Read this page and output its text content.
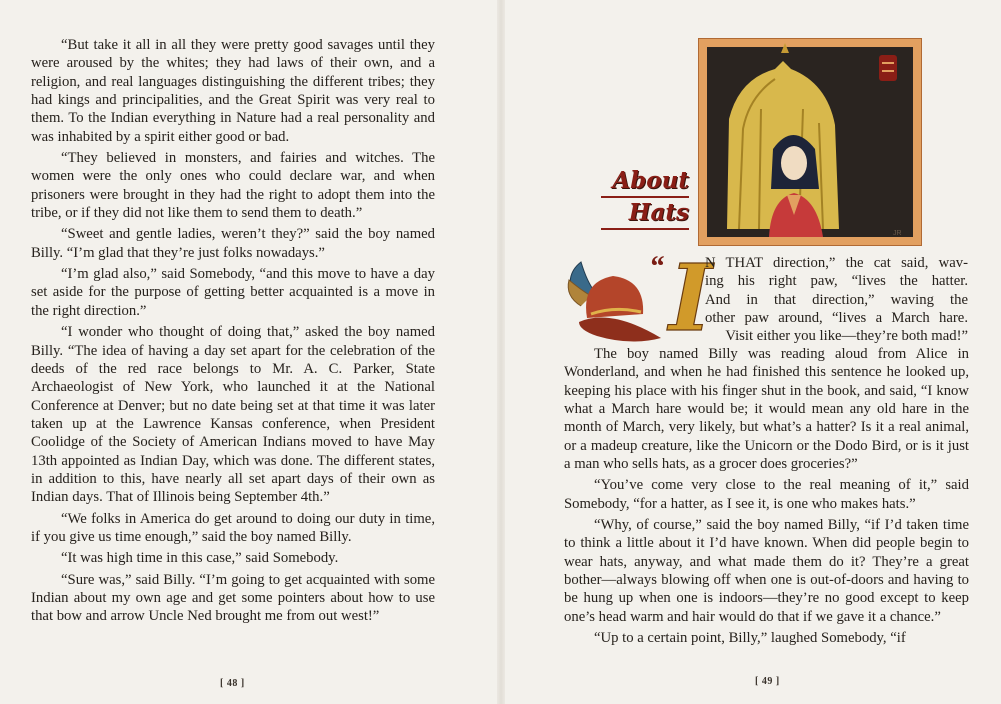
“But take it all in all they were pretty good savages until they were aroused by the whites; they had laws of their own, and a religion, and real languages distinguishing the different tribes; they had kings and principalities, and the Great Spirit was very real to them. To the Indian everything in Nature had a real personality and was inhabited by a spirit either good or bad.

“They believed in monsters, and fairies and witches. The women were the only ones who could declare war, and when prisoners were brought in they had the right to adopt them into the tribe, or if they did not like them to send them to death.”

“Sweet and gentle ladies, weren’t they?” said the boy named Billy. “I’m glad that they’re just folks nowadays.”

“I’m glad also,” said Somebody, “and this move to have a day set aside for the purpose of getting better acquainted is a move in the right direction.”

“I wonder who thought of doing that,” asked the boy named Billy. “The idea of having a day set apart for the celebration of the deeds of the red race belongs to Mr. A. C. Parker, State Archaeologist of New York, who launched it at the National Conference at Denver; but no date being set at that time it was later taken up at the Lawrence Kansas conference, when President Coolidge of the Society of American Indians moved to have May 13th appointed as Indian Day, which was done. The different states, in addition to this, have nearly all set apart days of their own as Indian days. That of Illinois being September 4th.”

“We folks in America do get around to doing our duty in time, if you give us time enough,” said the boy named Billy.

“It was high time in this case,” said Somebody.

“Sure was,” said Billy. “I’m going to get acquainted with some Indian about my own age and get some pointers about how to use that bow and arrow Uncle Ned brought me from out west!”

[ 48 ]
About
Hats
JR
“ I
N THAT direction,” the cat said, wav-
ing his right paw, “lives the hatter.
And in that direction,” waving the
other paw around, “lives a March hare.
Visit either you like—they’re both mad!”

The boy named Billy was reading aloud from Alice in Wonderland, and when he had finished this sentence he looked up, keeping his place with his finger shut in the book, and said, “I know what a March hare would be; it would mean any old hare in the month of March, very likely, but what’s a hatter? Is it a real animal, or a madeup creature, like the Unicorn or the Dodo Bird, or is it just a man who sells hats, as a grocer does groceries?”

“You’ve come very close to the real meaning of it,” said Somebody, “for a hatter, as I see it, is one who makes hats.”

“Why, of course,” said the boy named Billy, “if I’d taken time to think a little about it I’d have known. When did people begin to wear hats, anyway, and what made them do it? They’re a great bother—always blowing off when one is out-of-doors and having to be hung up when one is indoors—they’re no good except to keep one’s head warm and hair would do that if we gave it a chance.”

“Up to a certain point, Billy,” laughed Somebody, “if

[ 49 ]
